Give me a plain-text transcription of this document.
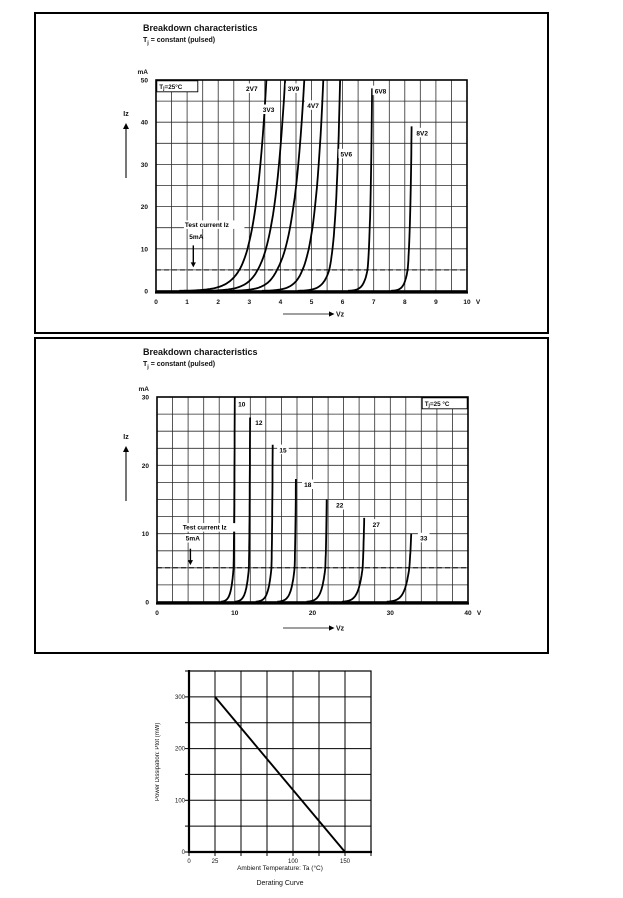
Breakdown characteristics
$T_j$ = constant (pulsed)
2V7
3V3
3V9
4V7
5V6
6V8
8V2
Tj=25°C
0
10
20
30
40
50
mA
0	1	2	3	4	5	6	7	8	9	10 V
Iz
Vz
Test current Iz
5mA
Breakdown characteristics
$T_j$ = constant (pulsed)
10
12
15
18
22
27
33
Tj=25 °C
0
10
20
30
mA
0	10	20	30	40 V
Iz
Vz
Test current Iz
5mA
0	25	100	150
0
100
200
300
Power Dissipation: Ptot (mW)
Ambient Temperature: Ta (°C)
Derating Curve
